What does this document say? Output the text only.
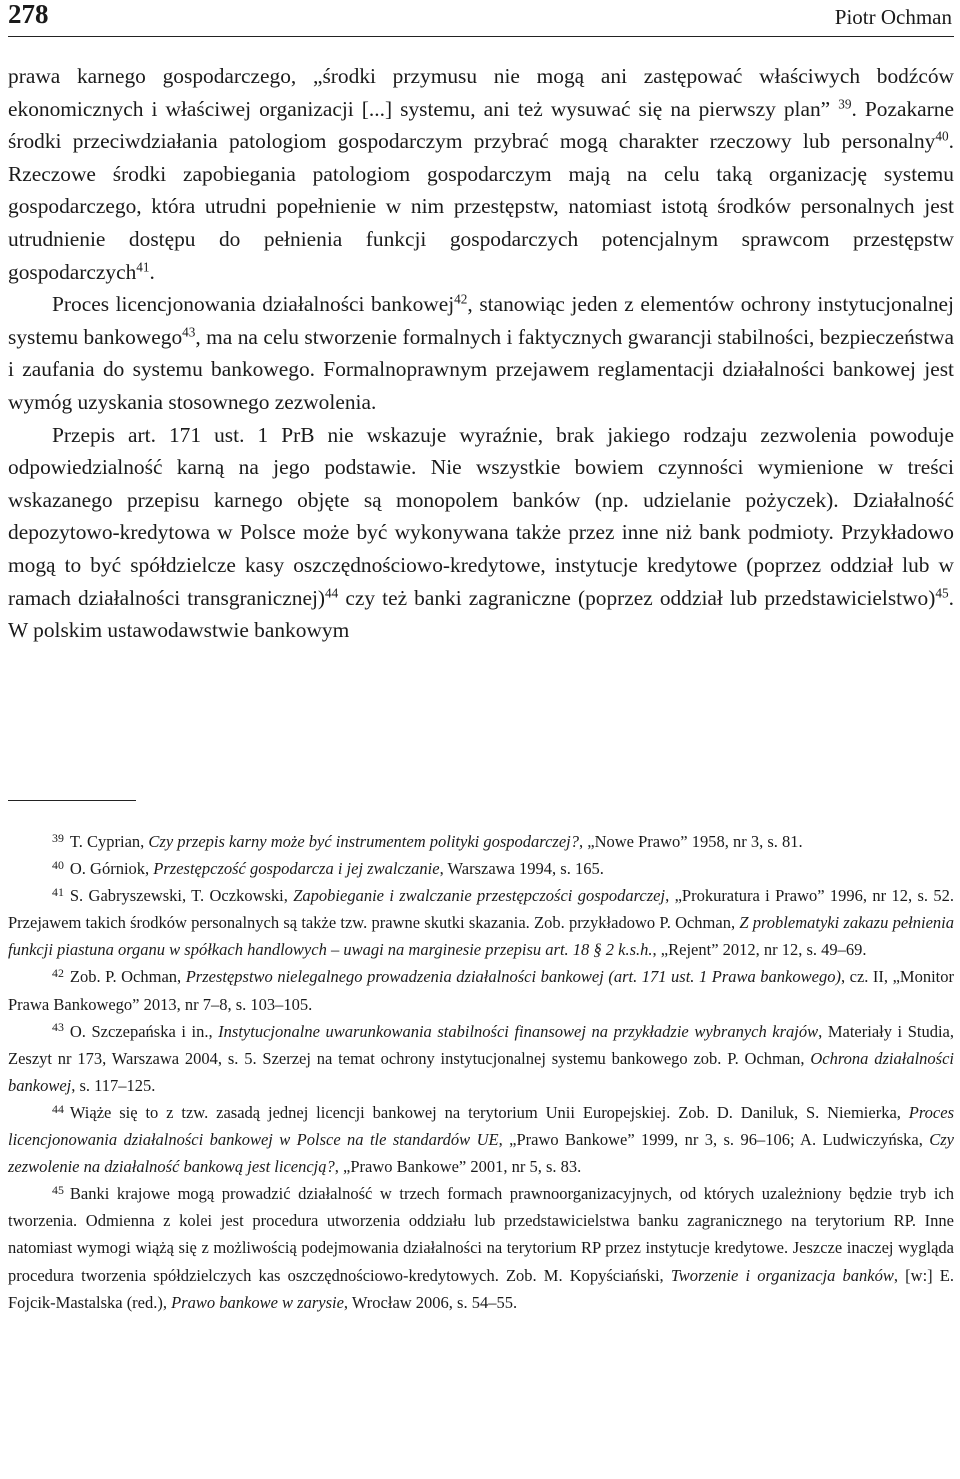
278	Piotr Ochman

prawa karnego gospodarczego, „środki przymusu nie mogą ani zastępować właściwych bodźców ekonomicznych i właściwej organizacji [...] systemu, ani też wysuwać się na pierwszy plan” $^{39}$. Pozakarne środki przeciwdziałania patologiom gospodarczym przybrać mogą charakter rzeczowy lub personalny$^{40}$. Rzeczowe środki zapobiegania patologiom gospodarczym mają na celu taką organizację systemu gospodarczego, która utrudni popełnienie w nim przestępstw, natomiast istotą środków personalnych jest utrudnienie dostępu do pełnienia funkcji gospodarczych potencjalnym sprawcom przestępstw gospodarczych$^{41}$.

Proces licencjonowania działalności bankowej$^{42}$, stanowiąc jeden z elementów ochrony instytucjonalnej systemu bankowego$^{43}$, ma na celu stworzenie formalnych i faktycznych gwarancji stabilności, bezpieczeństwa i zaufania do systemu bankowego. Formalnoprawnym przejawem reglamentacji działalności bankowej jest wymóg uzyskania stosownego zezwolenia.

Przepis art. 171 ust. 1 PrB nie wskazuje wyraźnie, brak jakiego rodzaju zezwolenia powoduje odpowiedzialność karną na jego podstawie. Nie wszystkie bowiem czynności wymienione w treści wskazanego przepisu karnego objęte są monopolem banków (np. udzielanie pożyczek). Działalność depozytowo-kredytowa w Polsce może być wykonywana także przez inne niż bank podmioty. Przykładowo mogą to być spółdzielcze kasy oszczędnościowo-kredytowe, instytucje kredytowe (poprzez oddział lub w ramach działalności transgranicznej)$^{44}$ czy też banki zagraniczne (poprzez oddział lub przedstawicielstwo)$^{45}$. W polskim ustawodawstwie bankowym

$^{39}$ T. Cyprian, Czy przepis karny może być instrumentem polityki gospodarczej?, „Nowe Prawo” 1958, nr 3, s. 81.

$^{40}$ O. Górniok, Przestępczość gospodarcza i jej zwalczanie, Warszawa 1994, s. 165.

$^{41}$ S. Gabryszewski, T. Oczkowski, Zapobieganie i zwalczanie przestępczości gospodarczej, „Prokuratura i Prawo” 1996, nr 12, s. 52. Przejawem takich środków personalnych są także tzw. prawne skutki skazania. Zob. przykładowo P. Ochman, Z problematyki zakazu pełnienia funkcji piastuna organu w spółkach handlowych – uwagi na marginesie przepisu art. 18 § 2 k.s.h., „Rejent” 2012, nr 12, s. 49–69.

$^{42}$ Zob. P. Ochman, Przestępstwo nielegalnego prowadzenia działalności bankowej (art. 171 ust. 1 Prawa bankowego), cz. II, „Monitor Prawa Bankowego” 2013, nr 7–8, s. 103–105.

$^{43}$ O. Szczepańska i in., Instytucjonalne uwarunkowania stabilności finansowej na przykładzie wybranych krajów, Materiały i Studia, Zeszyt nr 173, Warszawa 2004, s. 5. Szerzej na temat ochrony instytucjonalnej systemu bankowego zob. P. Ochman, Ochrona działalności bankowej, s. 117–125.

$^{44}$ Wiąże się to z tzw. zasadą jednej licencji bankowej na terytorium Unii Europejskiej. Zob. D. Daniluk, S. Niemierka, Proces licencjonowania działalności bankowej w Polsce na tle standardów UE, „Prawo Bankowe” 1999, nr 3, s. 96–106; A. Ludwiczyńska, Czy zezwolenie na działalność bankową jest licencją?, „Prawo Bankowe” 2001, nr 5, s. 83.

$^{45}$ Banki krajowe mogą prowadzić działalność w trzech formach prawnoorganizacyjnych, od których uzależniony będzie tryb ich tworzenia. Odmienna z kolei jest procedura utworzenia oddziału lub przedstawicielstwa banku zagranicznego na terytorium RP. Inne natomiast wymogi wiążą się z możliwością podejmowania działalności na terytorium RP przez instytucje kredytowe. Jeszcze inaczej wygląda procedura tworzenia spółdzielczych kas oszczędnościowo-kredytowych. Zob. M. Kopyściański, Tworzenie i organizacja banków, [w:] E. Fojcik-Mastalska (red.), Prawo bankowe w zarysie, Wrocław 2006, s. 54–55.
